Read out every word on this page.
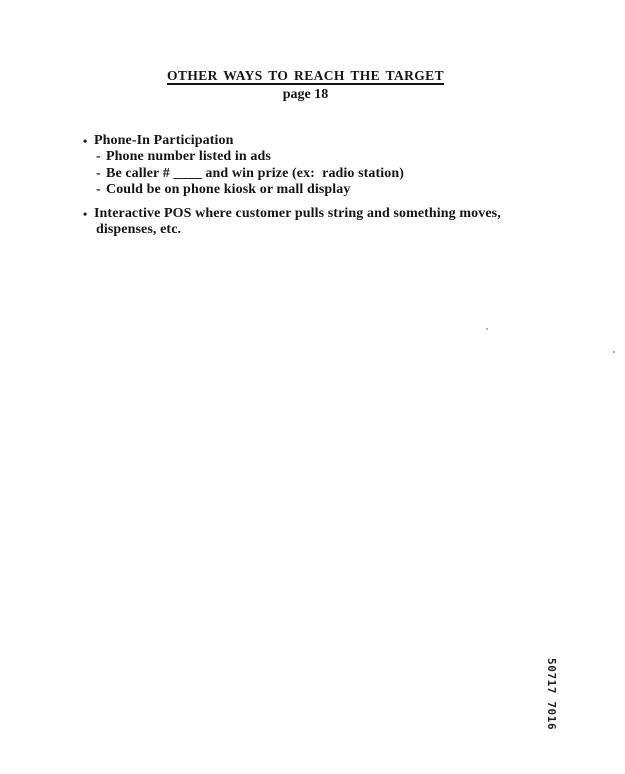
OTHER WAYS TO REACH THE TARGET
page 18
• Phone-In Participation
- Phone number listed in ads
- Be caller # ____ and win prize (ex:  radio station)
- Could be on phone kiosk or mall display
• Interactive POS where customer pulls string and something moves,
dispenses, etc.
50717 7016
